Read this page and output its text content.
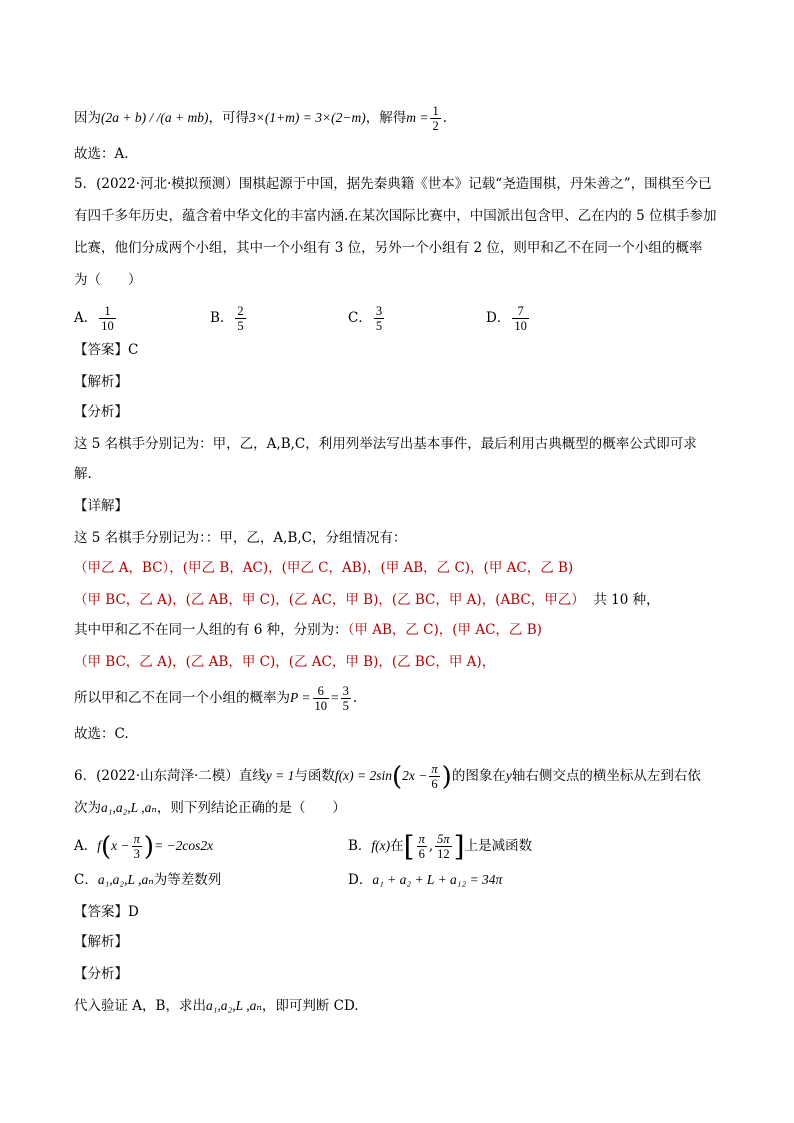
因为(2a + b) / /(a + mb)，可得3×(1+m) = 3×(2−m)，解得$m = \frac{1}{2}$ .
故选：A.
5．(2022·河北·模拟预测）围棋起源于中国，据先秦典籍《世本》记载“尧造围棋，丹朱善之”，围棋至今已
有四千多年历史，蕴含着中华文化的丰富内涵.在某次国际比赛中，中国派出包含甲、乙在内的 5 位棋手参加
比赛，他们分成两个小组，其中一个小组有 3 位，另外一个小组有 2 位，则甲和乙不在同一个小组的概率
为（　　）
A． $\frac{1}{10}$	B． $\frac{2}{5}$	C． $\frac{3}{5}$	D． $\frac{7}{10}$
【答案】C
【解析】
【分析】
这 5 名棋手分别记为：甲，乙，A,B,C，利用列举法写出基本事件，最后利用古典概型的概率公式即可求
解.
【详解】
这 5 名棋手分别记为：：甲，乙，A,B,C，分组情况有：
（甲乙 A，BC），(甲乙 B，AC)，(甲乙 C，AB)，(甲 AB，乙 C)，(甲 AC，乙 B)
（甲 BC，乙 A)，(乙 AB，甲 C)，(乙 AC，甲 B)，(乙 BC，甲 A)，(ABC，甲乙） 共 10 种，
其中甲和乙不在同一人组的有 6 种，分别为：（甲 AB，乙 C)，(甲 AC，乙 B)
（甲 BC，乙 A)，(乙 AB，甲 C)，(乙 AC，甲 B)，(乙 BC，甲 A)，
所以甲和乙不在同一个小组的概率为$P = \frac{6}{10} = \frac{3}{5}$ .
故选：C.
6．(2022·山东菏泽·二模）直线y = 1与函数$f(x) = 2\sin(2x - \frac{\pi}{6}$ )的图象在y轴右侧交点的横坐标从左到右依
次为a₁,a₂,L ,aₙ，则下列结论正确的是（　　）
A．$f(x - \frac{\pi}{3}$ )= −2cos2x	B．f(x)在[ $\frac{\pi}{6}$ , $\frac{5\pi}{12}$ ]上是减函数
C．a₁,a₂,L ,aₙ为等差数列	D．a₁ + a₂ + L + a₁₂ = 34π
【答案】D
【解析】
【分析】
代入验证 A，B，求出a₁,a₂,L ,aₙ，即可判断 CD.
